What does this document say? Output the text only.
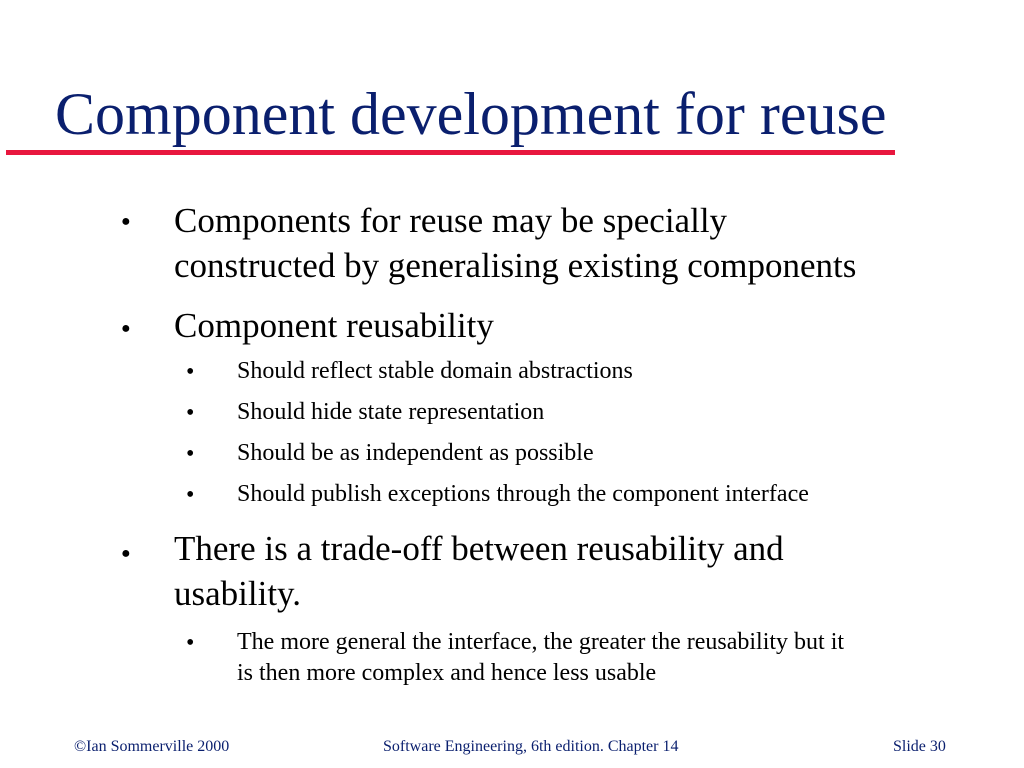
Component development for reuse
● Components for reuse may be specially
constructed by generalising existing components
● Component reusability
• Should reflect stable domain abstractions
• Should hide state representation
• Should be as independent as possible
• Should publish exceptions through the component interface
● There is a trade-off between reusability and
usability.
• The more general the interface, the greater the reusability but it
is then more complex and hence less usable
©Ian Sommerville 2000	Software Engineering, 6th edition. Chapter 14	Slide 30
